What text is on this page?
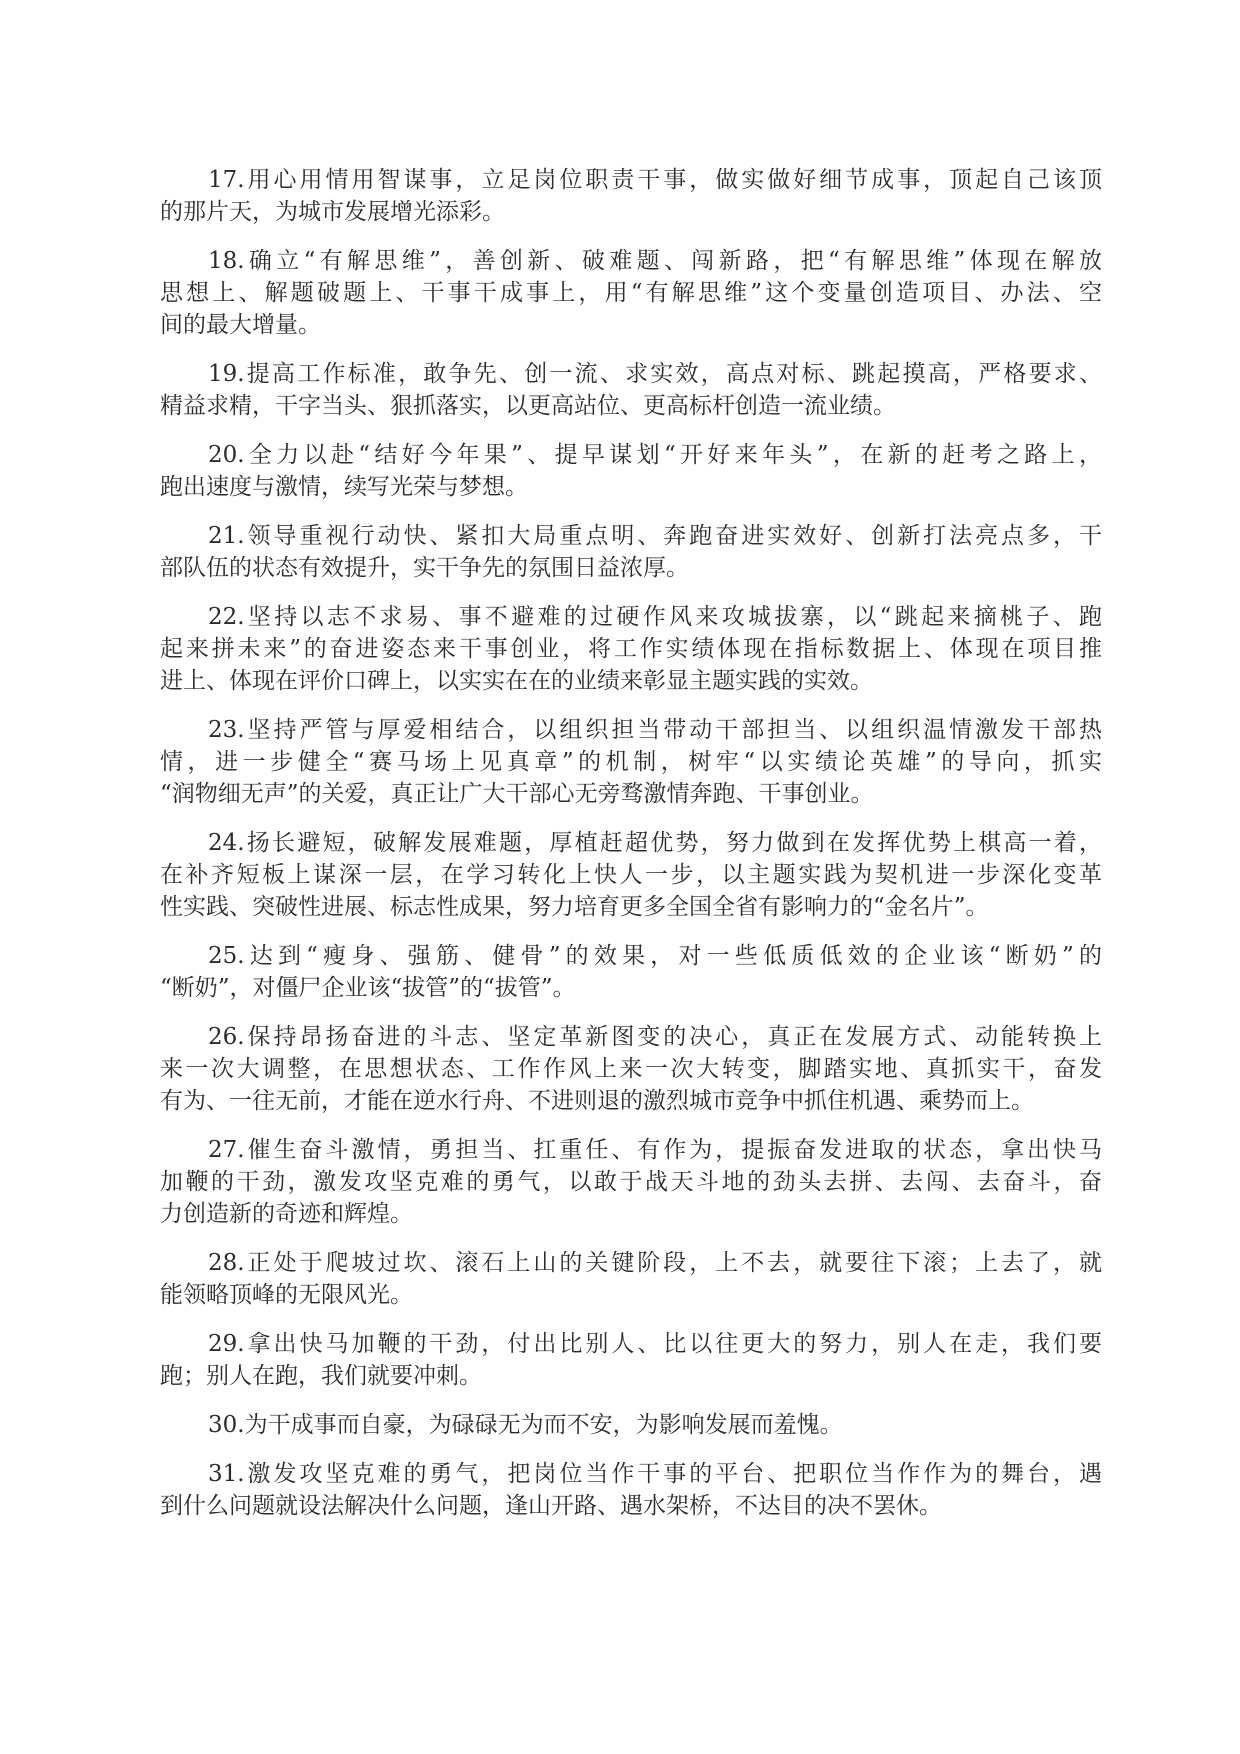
17.用心用情用智谋事，立足岗位职责干事，做实做好细节成事，顶起自己该顶
的那片天，为城市发展增光添彩。
18.确立“有解思维”，善创新、破难题、闯新路，把“有解思维”体现在解放
思想上、解题破题上、干事干成事上，用“有解思维”这个变量创造项目、办法、空
间的最大增量。
19.提高工作标准，敢争先、创一流、求实效，高点对标、跳起摸高，严格要求、
精益求精，干字当头、狠抓落实，以更高站位、更高标杆创造一流业绩。
20.全力以赴“结好今年果”、提早谋划“开好来年头”，在新的赶考之路上，
跑出速度与激情，续写光荣与梦想。
21.领导重视行动快、紧扣大局重点明、奔跑奋进实效好、创新打法亮点多，干
部队伍的状态有效提升，实干争先的氛围日益浓厚。
22.坚持以志不求易、事不避难的过硬作风来攻城拔寨，以“跳起来摘桃子、跑
起来拼未来”的奋进姿态来干事创业，将工作实绩体现在指标数据上、体现在项目推
进上、体现在评价口碑上，以实实在在的业绩来彰显主题实践的实效。
23.坚持严管与厚爱相结合，以组织担当带动干部担当、以组织温情激发干部热
情，进一步健全“赛马场上见真章”的机制，树牢“以实绩论英雄”的导向，抓实
“润物细无声”的关爱，真正让广大干部心无旁骛激情奔跑、干事创业。
24.扬长避短，破解发展难题，厚植赶超优势，努力做到在发挥优势上棋高一着，
在补齐短板上谋深一层，在学习转化上快人一步，以主题实践为契机进一步深化变革
性实践、突破性进展、标志性成果，努力培育更多全国全省有影响力的“金名片”。
25.达到“瘦身、强筋、健骨”的效果，对一些低质低效的企业该“断奶”的
“断奶”，对僵尸企业该“拔管”的“拔管”。
26.保持昂扬奋进的斗志、坚定革新图变的决心，真正在发展方式、动能转换上
来一次大调整，在思想状态、工作作风上来一次大转变，脚踏实地、真抓实干，奋发
有为、一往无前，才能在逆水行舟、不进则退的激烈城市竞争中抓住机遇、乘势而上。
27.催生奋斗激情，勇担当、扛重任、有作为，提振奋发进取的状态，拿出快马
加鞭的干劲，激发攻坚克难的勇气，以敢于战天斗地的劲头去拼、去闯、去奋斗，奋
力创造新的奇迹和辉煌。
28.正处于爬坡过坎、滚石上山的关键阶段，上不去，就要往下滚；上去了，就
能领略顶峰的无限风光。
29.拿出快马加鞭的干劲，付出比别人、比以往更大的努力，别人在走，我们要
跑；别人在跑，我们就要冲刺。
30.为干成事而自豪，为碌碌无为而不安，为影响发展而羞愧。
31.激发攻坚克难的勇气，把岗位当作干事的平台、把职位当作作为的舞台，遇
到什么问题就设法解决什么问题，逢山开路、遇水架桥，不达目的决不罢休。
